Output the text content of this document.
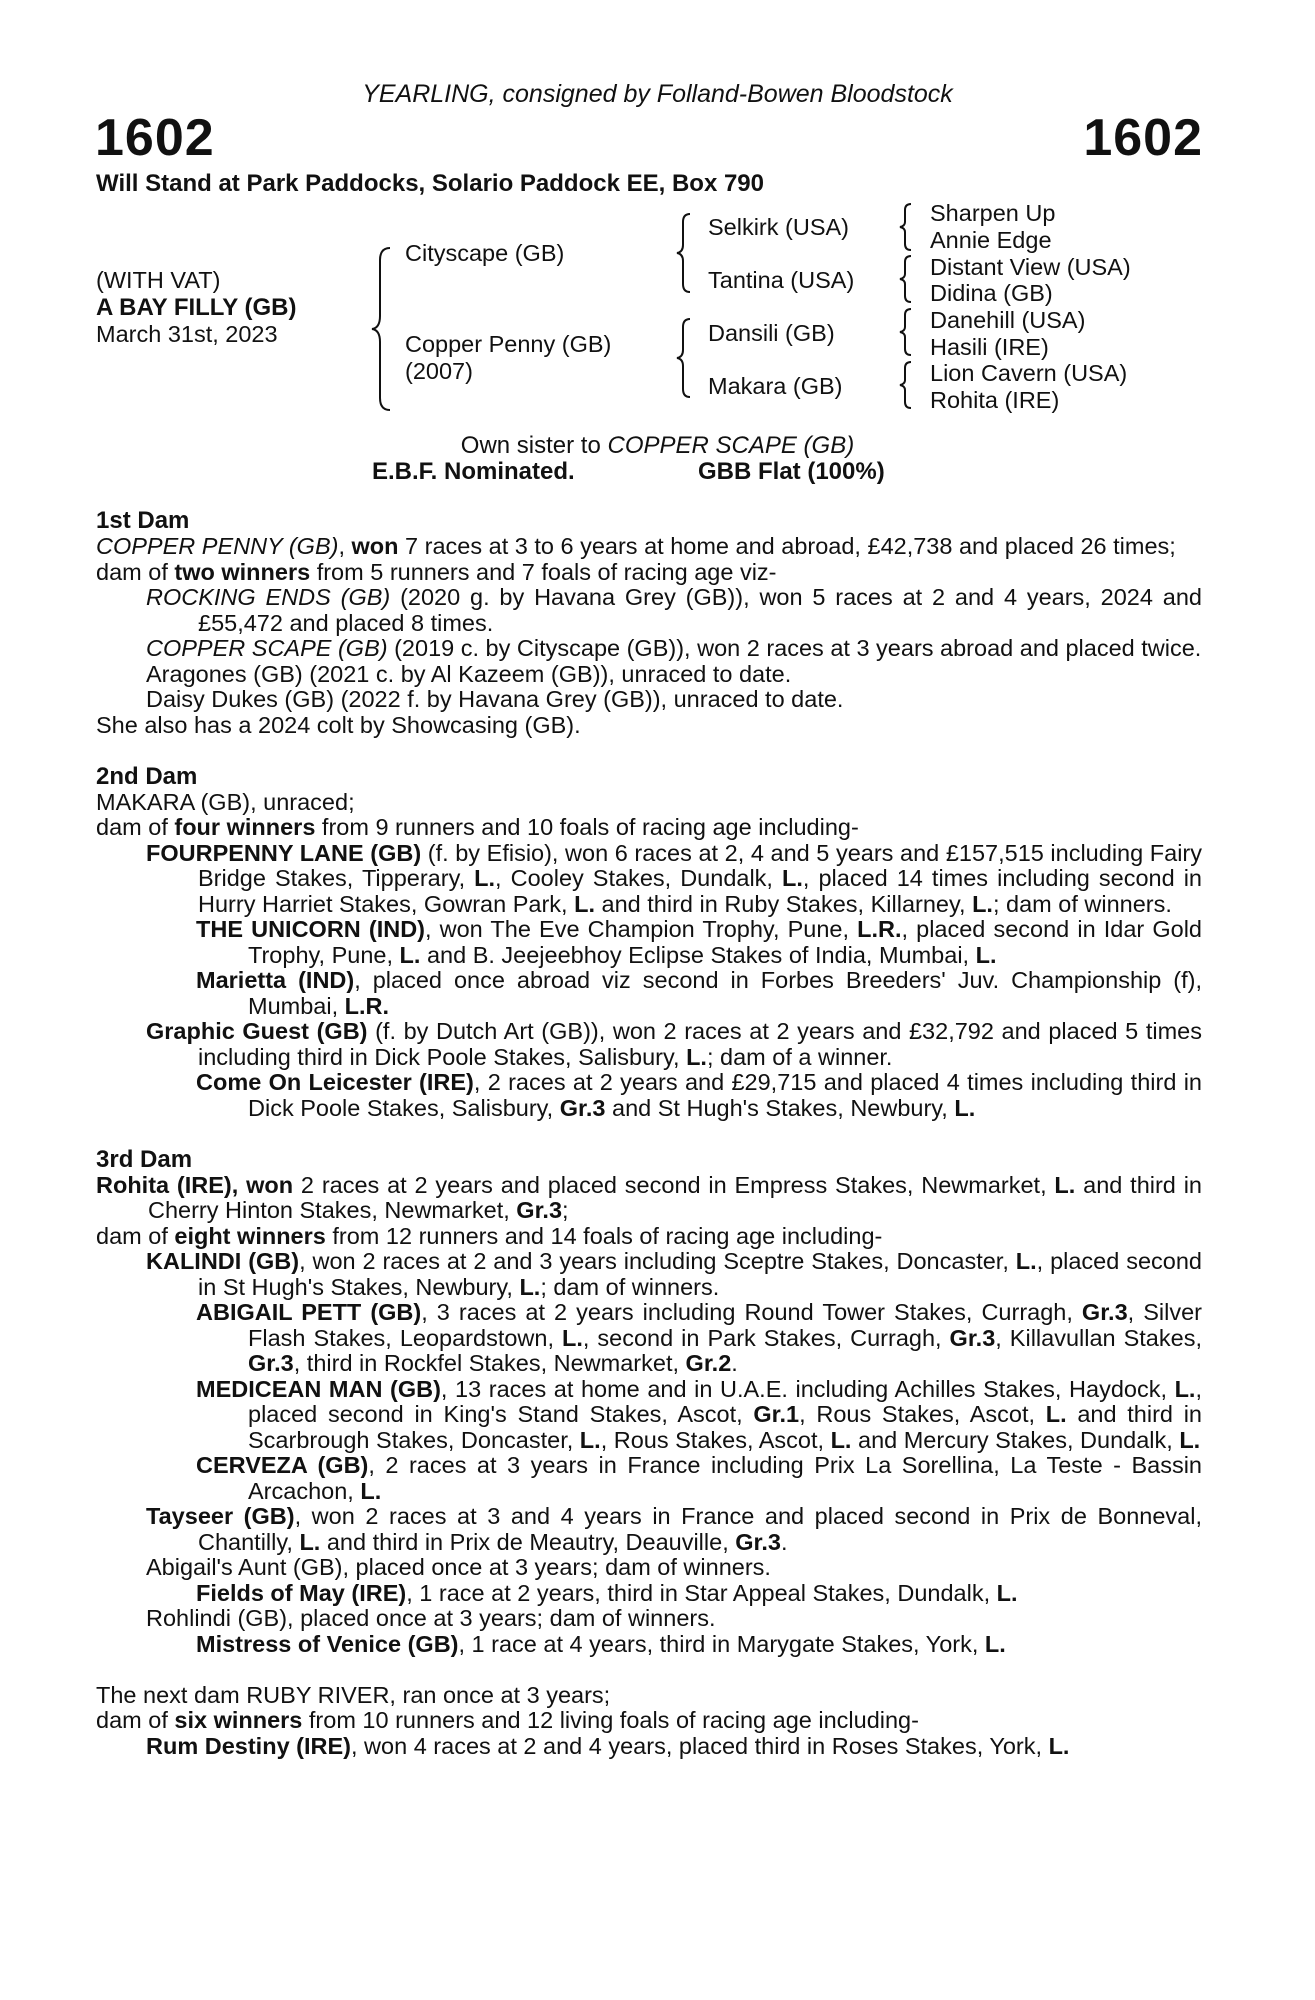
YEARLING, consigned by Folland-Bowen Bloodstock
1602	1602
Will Stand at Park Paddocks, Solario Paddock EE, Box 790
(WITH VAT)
A BAY FILLY (GB)
March 31st, 2023
Cityscape (GB)
Copper Penny (GB)
(2007)
Selkirk (USA)
Tantina (USA)
Dansili (GB)
Makara (GB)
Sharpen Up
Annie Edge
Distant View (USA)
Didina (GB)
Danehill (USA)
Hasili (IRE)
Lion Cavern (USA)
Rohita (IRE)
Own sister to COPPER SCAPE (GB)
E.B.F. Nominated.	GBB Flat (100%)
1st Dam

COPPER PENNY (GB), won 7 races at 3 to 6 years at home and abroad, £42,738 and placed 26 times;

dam of two winners from 5 runners and 7 foals of racing age viz-

ROCKING ENDS (GB) (2020 g. by Havana Grey (GB)), won 5 races at 2 and 4 years, 2024 and £55,472 and placed 8 times.

COPPER SCAPE (GB) (2019 c. by Cityscape (GB)), won 2 races at 3 years abroad and placed twice.

Aragones (GB) (2021 c. by Al Kazeem (GB)), unraced to date.

Daisy Dukes (GB) (2022 f. by Havana Grey (GB)), unraced to date.

She also has a 2024 colt by Showcasing (GB).

2nd Dam

MAKARA (GB), unraced;

dam of four winners from 9 runners and 10 foals of racing age including-

FOURPENNY LANE (GB) (f. by Efisio), won 6 races at 2, 4 and 5 years and £157,515 including Fairy Bridge Stakes, Tipperary, L., Cooley Stakes, Dundalk, L., placed 14 times including second in Hurry Harriet Stakes, Gowran Park, L. and third in Ruby Stakes, Killarney, L.; dam of winners.

THE UNICORN (IND), won The Eve Champion Trophy, Pune, L.R., placed second in Idar Gold Trophy, Pune, L. and B. Jeejeebhoy Eclipse Stakes of India, Mumbai, L.

Marietta (IND), placed once abroad viz second in Forbes Breeders' Juv. Championship (f), Mumbai, L.R.

Graphic Guest (GB) (f. by Dutch Art (GB)), won 2 races at 2 years and £32,792 and placed 5 times including third in Dick Poole Stakes, Salisbury, L.; dam of a winner.

Come On Leicester (IRE), 2 races at 2 years and £29,715 and placed 4 times including third in Dick Poole Stakes, Salisbury, Gr.3 and St Hugh's Stakes, Newbury, L.

3rd Dam

Rohita (IRE), won 2 races at 2 years and placed second in Empress Stakes, Newmarket, L. and third in Cherry Hinton Stakes, Newmarket, Gr.3;

dam of eight winners from 12 runners and 14 foals of racing age including-

KALINDI (GB), won 2 races at 2 and 3 years including Sceptre Stakes, Doncaster, L., placed second in St Hugh's Stakes, Newbury, L.; dam of winners.

ABIGAIL PETT (GB), 3 races at 2 years including Round Tower Stakes, Curragh, Gr.3, Silver Flash Stakes, Leopardstown, L., second in Park Stakes, Curragh, Gr.3, Killavullan Stakes, Gr.3, third in Rockfel Stakes, Newmarket, Gr.2.

MEDICEAN MAN (GB), 13 races at home and in U.A.E. including Achilles Stakes, Haydock, L., placed second in King's Stand Stakes, Ascot, Gr.1, Rous Stakes, Ascot, L. and third in Scarbrough Stakes, Doncaster, L., Rous Stakes, Ascot, L. and Mercury Stakes, Dundalk, L.

CERVEZA (GB), 2 races at 3 years in France including Prix La Sorellina, La Teste - Bassin Arcachon, L.

Tayseer (GB), won 2 races at 3 and 4 years in France and placed second in Prix de Bonneval, Chantilly, L. and third in Prix de Meautry, Deauville, Gr.3.

Abigail's Aunt (GB), placed once at 3 years; dam of winners.

Fields of May (IRE), 1 race at 2 years, third in Star Appeal Stakes, Dundalk, L.

Rohlindi (GB), placed once at 3 years; dam of winners.

Mistress of Venice (GB), 1 race at 4 years, third in Marygate Stakes, York, L.

The next dam RUBY RIVER, ran once at 3 years;

dam of six winners from 10 runners and 12 living foals of racing age including-

Rum Destiny (IRE), won 4 races at 2 and 4 years, placed third in Roses Stakes, York, L.
